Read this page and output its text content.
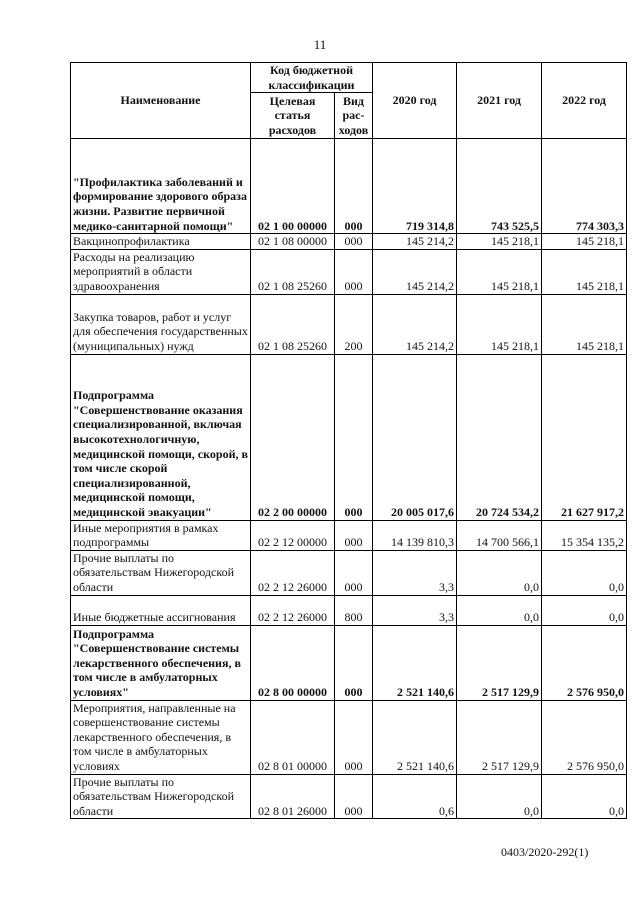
11
Наименование	Код бюджетной классификации		2020 год	2021 год	2022 год
	Целевая статья расходов	Вид рас-ходов			
"Профилактика заболеваний и формирование здорового образа жизни. Развитие первичной медико-санитарной помощи"	02 1 00 00000	000	719 314,8	743 525,5	774 303,3
Вакцинопрофилактика	02 1 08 00000	000	145 214,2	145 218,1	145 218,1
Расходы на реализацию мероприятий в области здравоохранения	02 1 08 25260	000	145 214,2	145 218,1	145 218,1
Закупка товаров, работ и услуг для обеспечения государственных (муниципальных) нужд	02 1 08 25260	200	145 214,2	145 218,1	145 218,1
Подпрограмма "Совершенствование оказания специализированной, включая высокотехнологичную, медицинской помощи, скорой, в том числе скорой специализированной, медицинской помощи, медицинской эвакуации"	02 2 00 00000	000	20 005 017,6	20 724 534,2	21 627 917,2
Иные мероприятия в рамках подпрограммы	02 2 12 00000	000	14 139 810,3	14 700 566,1	15 354 135,2
Прочие выплаты по обязательствам Нижегородской области	02 2 12 26000	000	3,3	0,0	0,0
Иные бюджетные ассигнования	02 2 12 26000	800	3,3	0,0	0,0
Подпрограмма "Совершенствование системы лекарственного обеспечения, в том числе в амбулаторных условиях"	02 8 00 00000	000	2 521 140,6	2 517 129,9	2 576 950,0
Мероприятия, направленные на совершенствование системы лекарственного обеспечения, в том числе в амбулаторных условиях	02 8 01 00000	000	2 521 140,6	2 517 129,9	2 576 950,0
Прочие выплаты по обязательствам Нижегородской области	02 8 01 26000	000	0,6	0,0	0,0
0403/2020-292(1)
